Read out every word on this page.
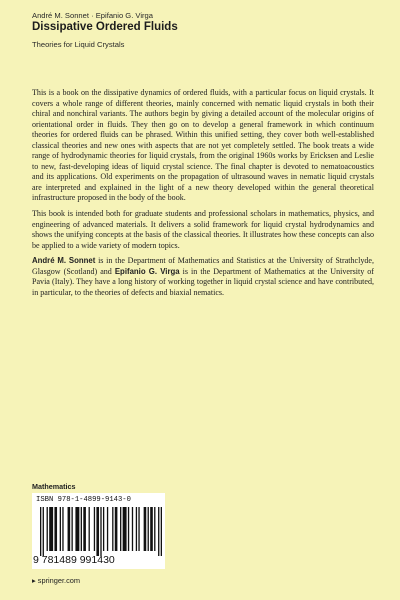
André M. Sonnet · Epifanio G. Virga
Dissipative Ordered Fluids
Theories for Liquid Crystals

This is a book on the dissipative dynamics of ordered fluids, with a particular focus on liquid crystals. It covers a whole range of different theories, mainly concerned with nematic liquid crystals in both their chiral and nonchiral variants. The authors begin by giving a detailed account of the molecular origins of orientational order in fluids. They then go on to develop a general framework in which continuum theories for ordered fluids can be phrased. Within this unified setting, they cover both well-established classical theories and new ones with aspects that are not yet completely settled. The book treats a wide range of hydrodynamic theories for liquid crystals, from the original 1960s works by Ericksen and Leslie to new, fast-developing ideas of liquid crystal science. The final chapter is devoted to nematoacoustics and its applications. Old experiments on the propagation of ultrasound waves in nematic liquid crystals are interpreted and explained in the light of a new theory developed within the general theoretical infrastructure proposed in the body of the book.

This book is intended both for graduate students and professional scholars in mathematics, physics, and engineering of advanced materials. It delivers a solid framework for liquid crystal hydrodynamics and shows the unifying concepts at the basis of the classical theories. It illustrates how these concepts can also be applied to a wide variety of modern topics.

André M. Sonnet is in the Department of Mathematics and Statistics at the University of Strathclyde, Glasgow (Scotland) and Epifanio G. Virga is in the Department of Mathematics at the University of Pavia (Italy). They have a long history of working together in liquid crystal science and have contributed, in particular, to the theories of defects and biaxial nematics.

Mathematics
ISBN 978-1-4899-9143-0
9 781489 991430
▸ springer.com
